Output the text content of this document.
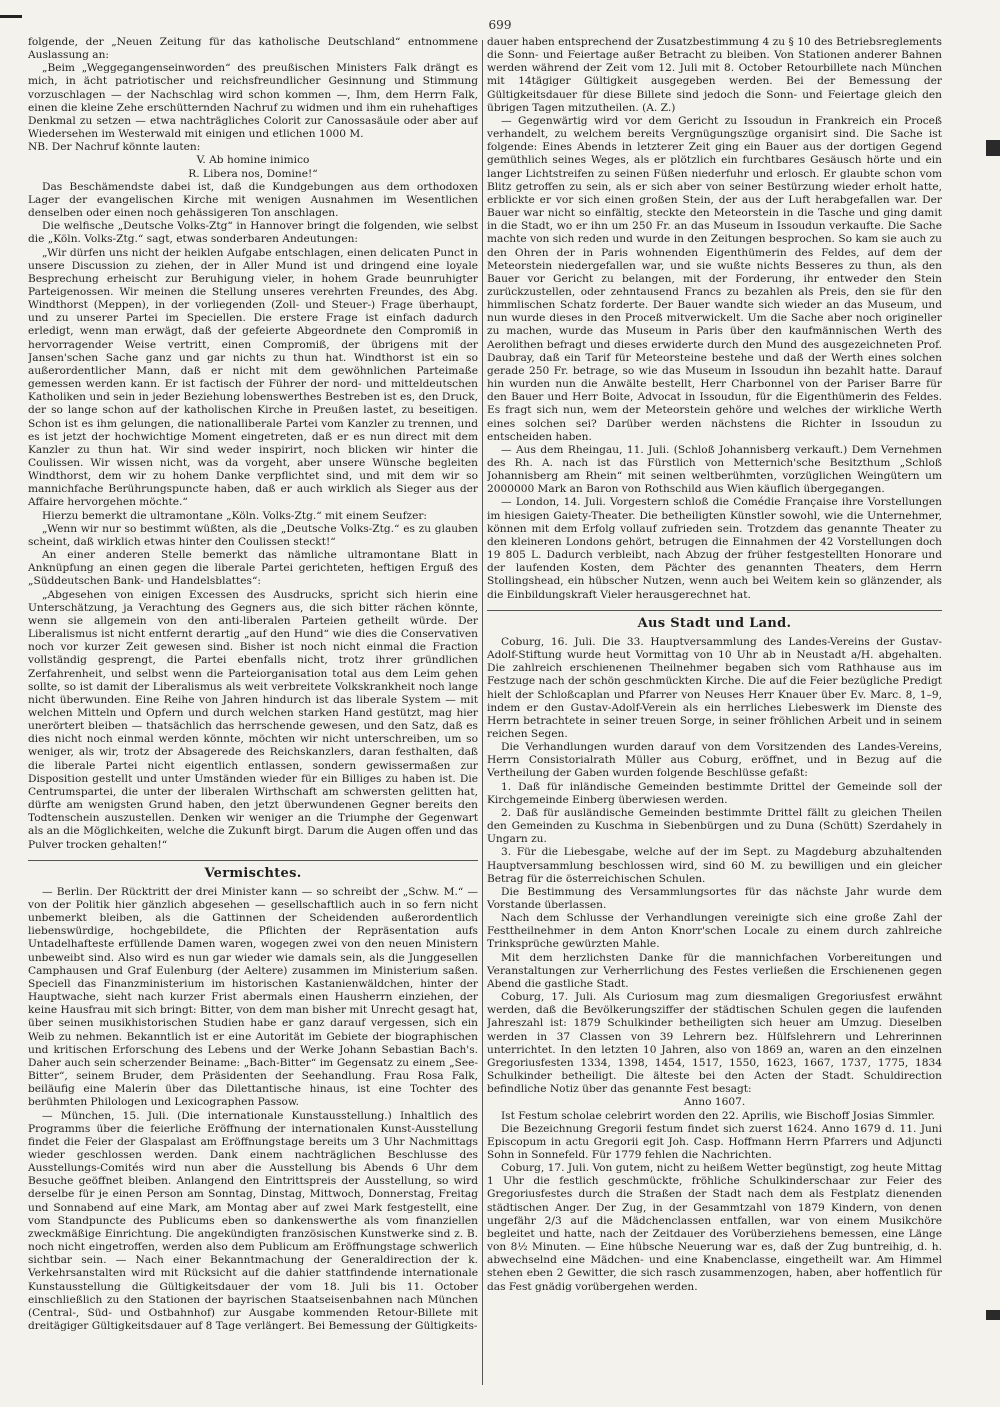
699

folgende, der „Neuen Zeitung für das katholische Deutschland“ entnommene Auslassung an:

„Beim „Weggegangenseinworden“ des preußischen Ministers Falk drängt es mich, in ächt patriotischer und reichsfreundlicher Gesinnung und Stimmung vorzuschlagen — der Nachschlag wird schon kommen —, Ihm, dem Herrn Falk, einen die kleine Zehe erschütternden Nachruf zu widmen und ihm ein ruhehaftiges Denkmal zu setzen — etwa nachträgliches Colorit zur Canossasäule oder aber auf Wiedersehen im Westerwald mit einigen und etlichen 1000 M.

NB. Der Nachruf könnte lauten:

V. Ab homine inimico

R. Libera nos, Domine!“

Das Beschämendste dabei ist, daß die Kundgebungen aus dem orthodoxen Lager der evangelischen Kirche mit wenigen Ausnahmen im Wesentlichen denselben oder einen noch gehässigeren Ton anschlagen.

Die welfische „Deutsche Volks-Ztg“ in Hannover bringt die folgenden, wie selbst die „Köln. Volks-Ztg.“ sagt, etwas sonderbaren Andeutungen:

„Wir dürfen uns nicht der heiklen Aufgabe entschlagen, einen delicaten Punct in unsere Discussion zu ziehen, der in Aller Mund ist und dringend eine loyale Besprechung erheischt zur Beruhigung vieler, in hohem Grade beunruhigter Parteigenossen. Wir meinen die Stellung unseres verehrten Freundes, des Abg. Windthorst (Meppen), in der vorliegenden (Zoll- und Steuer-) Frage überhaupt, und zu unserer Partei im Speciellen. Die erstere Frage ist einfach dadurch erledigt, wenn man erwägt, daß der gefeierte Abgeordnete den Compromiß in hervorragender Weise vertritt, einen Compromiß, der übrigens mit der Jansen'schen Sache ganz und gar nichts zu thun hat. Windthorst ist ein so außerordentlicher Mann, daß er nicht mit dem gewöhnlichen Parteimaße gemessen werden kann. Er ist factisch der Führer der nord- und mitteldeutschen Katholiken und sein in jeder Beziehung lobenswerthes Bestreben ist es, den Druck, der so lange schon auf der katholischen Kirche in Preußen lastet, zu beseitigen. Schon ist es ihm gelungen, die nationalliberale Partei vom Kanzler zu trennen, und es ist jetzt der hochwichtige Moment eingetreten, daß er es nun direct mit dem Kanzler zu thun hat. Wir sind weder inspirirt, noch blicken wir hinter die Coulissen. Wir wissen nicht, was da vorgeht, aber unsere Wünsche begleiten Windthorst, dem wir zu hohem Danke verpflichtet sind, und mit dem wir so mannichfache Berührungspuncte haben, daß er auch wirklich als Sieger aus der Affaire hervorgehen möchte.“

Hierzu bemerkt die ultramontane „Köln. Volks-Ztg.“ mit einem Seufzer:

„Wenn wir nur so bestimmt wüßten, als die „Deutsche Volks-Ztg.“ es zu glauben scheint, daß wirklich etwas hinter den Coulissen steckt!“

An einer anderen Stelle bemerkt das nämliche ultramontane Blatt in Anknüpfung an einen gegen die liberale Partei gerichteten, heftigen Erguß des „Süddeutschen Bank- und Handelsblattes“:

„Abgesehen von einigen Excessen des Ausdrucks, spricht sich hierin eine Unterschätzung, ja Verachtung des Gegners aus, die sich bitter rächen könnte, wenn sie allgemein von den anti-liberalen Parteien getheilt würde. Der Liberalismus ist nicht entfernt derartig „auf den Hund“ wie dies die Conservativen noch vor kurzer Zeit gewesen sind. Bisher ist noch nicht einmal die Fraction vollständig gesprengt, die Partei ebenfalls nicht, trotz ihrer gründlichen Zerfahrenheit, und selbst wenn die Parteiorganisation total aus dem Leim gehen sollte, so ist damit der Liberalismus als weit verbreitete Volkskrankheit noch lange nicht überwunden. Eine Reihe von Jahren hindurch ist das liberale System — mit welchen Mitteln und Opfern und durch welchen starken Hand gestützt, mag hier unerörtert bleiben — thatsächlich das herrschende gewesen, und den Satz, daß es dies nicht noch einmal werden könnte, möchten wir nicht unterschreiben, um so weniger, als wir, trotz der Absagerede des Reichskanzlers, daran festhalten, daß die liberale Partei nicht eigentlich entlassen, sondern gewissermaßen zur Disposition gestellt und unter Umständen wieder für ein Billiges zu haben ist. Die Centrumspartei, die unter der liberalen Wirthschaft am schwersten gelitten hat, dürfte am wenigsten Grund haben, den jetzt überwundenen Gegner bereits den Todtenschein auszustellen. Denken wir weniger an die Triumphe der Gegenwart als an die Möglichkeiten, welche die Zukunft birgt. Darum die Augen offen und das Pulver trocken gehalten!“

Vermischtes.

— Berlin. Der Rücktritt der drei Minister kann — so schreibt der „Schw. M.“ — von der Politik hier gänzlich abgesehen — gesellschaftlich auch in so fern nicht unbemerkt bleiben, als die Gattinnen der Scheidenden außerordentlich liebenswürdige, hochgebildete, die Pflichten der Repräsentation aufs Untadelhafteste erfüllende Damen waren, wogegen zwei von den neuen Ministern unbeweibt sind. Also wird es nun gar wieder wie damals sein, als die Junggesellen Camphausen und Graf Eulenburg (der Aeltere) zusammen im Ministerium saßen. Speciell das Finanzministerium im historischen Kastanienwäldchen, hinter der Hauptwache, sieht nach kurzer Frist abermals einen Hausherrn einziehen, der keine Hausfrau mit sich bringt: Bitter, von dem man bisher mit Unrecht gesagt hat, über seinen musikhistorischen Studien habe er ganz darauf vergessen, sich ein Weib zu nehmen. Bekanntlich ist er eine Autorität im Gebiete der biographischen und kritischen Erforschung des Lebens und der Werke Johann Sebastian Bach's. Daher auch sein scherzender Beiname: „Bach-Bitter“ im Gegensatz zu einem „See-Bitter“, seinem Bruder, dem Präsidenten der Seehandlung. Frau Rosa Falk, beiläufig eine Malerin über das Dilettantische hinaus, ist eine Tochter des berühmten Philologen und Lexicographen Passow.

— München, 15. Juli. (Die internationale Kunstausstellung.) Inhaltlich des Programms über die feierliche Eröffnung der internationalen Kunst-Ausstellung findet die Feier der Glaspalast am Eröffnungstage bereits um 3 Uhr Nachmittags wieder geschlossen werden. Dank einem nachträglichen Beschlusse des Ausstellungs-Comités wird nun aber die Ausstellung bis Abends 6 Uhr dem Besuche geöffnet bleiben. Anlangend den Eintrittspreis der Ausstellung, so wird derselbe für je einen Person am Sonntag, Dinstag, Mittwoch, Donnerstag, Freitag und Sonnabend auf eine Mark, am Montag aber auf zwei Mark festgestellt, eine vom Standpuncte des Publicums eben so dankenswerthe als vom finanziellen zweckmäßige Einrichtung. Die angekündigten französischen Kunstwerke sind z. B. noch nicht eingetroffen, werden also dem Publicum am Eröffnungstage schwerlich sichtbar sein. — Nach einer Bekanntmachung der Generaldirection der k. Verkehrsanstalten wird mit Rücksicht auf die dahier stattfindende internationale Kunstausstellung die Gültigkeitsdauer der vom 18. Juli bis 11. October einschließlich zu den Stationen der bayrischen Staatseisenbahnen nach München (Central-, Süd- und Ostbahnhof) zur Ausgabe kommenden Retour-Billete mit dreitägiger Gültigkeitsdauer auf 8 Tage verlängert. Bei Bemessung der Gültigkeits-

dauer haben entsprechend der Zusatzbestimmung 4 zu § 10 des Betriebsreglements die Sonn- und Feiertage außer Betracht zu bleiben. Von Stationen anderer Bahnen werden während der Zeit vom 12. Juli mit 8. October Retourbillete nach München mit 14tägiger Gültigkeit ausgegeben werden. Bei der Bemessung der Gültigkeitsdauer für diese Billete sind jedoch die Sonn- und Feiertage gleich den übrigen Tagen mitzutheilen. (A. Z.)

— Gegenwärtig wird vor dem Gericht zu Issoudun in Frankreich ein Proceß verhandelt, zu welchem bereits Vergnügungszüge organisirt sind. Die Sache ist folgende: Eines Abends in letzterer Zeit ging ein Bauer aus der dortigen Gegend gemüthlich seines Weges, als er plötzlich ein furchtbares Gesäusch hörte und ein langer Lichtstreifen zu seinen Füßen niederfuhr und erlosch. Er glaubte schon vom Blitz getroffen zu sein, als er sich aber von seiner Bestürzung wieder erholt hatte, erblickte er vor sich einen großen Stein, der aus der Luft herabgefallen war. Der Bauer war nicht so einfältig, steckte den Meteorstein in die Tasche und ging damit in die Stadt, wo er ihn um 250 Fr. an das Museum in Issoudun verkaufte. Die Sache machte von sich reden und wurde in den Zeitungen besprochen. So kam sie auch zu den Ohren der in Paris wohnenden Eigenthümerin des Feldes, auf dem der Meteorstein niedergefallen war, und sie wußte nichts Besseres zu thun, als den Bauer vor Gericht zu belangen, mit der Forderung, ihr entweder den Stein zurückzustellen, oder zehntausend Francs zu bezahlen als Preis, den sie für den himmlischen Schatz forderte. Der Bauer wandte sich wieder an das Museum, und nun wurde dieses in den Proceß mitverwickelt. Um die Sache aber noch origineller zu machen, wurde das Museum in Paris über den kaufmännischen Werth des Aerolithen befragt und dieses erwiderte durch den Mund des ausgezeichneten Prof. Daubray, daß ein Tarif für Meteorsteine bestehe und daß der Werth eines solchen gerade 250 Fr. betrage, so wie das Museum in Issoudun ihn bezahlt hatte. Darauf hin wurden nun die Anwälte bestellt, Herr Charbonnel von der Pariser Barre für den Bauer und Herr Boite, Advocat in Issoudun, für die Eigenthümerin des Feldes. Es fragt sich nun, wem der Meteorstein gehöre und welches der wirkliche Werth eines solchen sei? Darüber werden nächstens die Richter in Issoudun zu entscheiden haben.

— Aus dem Rheingau, 11. Juli. (Schloß Johannisberg verkauft.) Dem Vernehmen des Rh. A. nach ist das Fürstlich von Metternich'sche Besitzthum „Schloß Johannisberg am Rhein“ mit seinen weltberühmten, vorzüglichen Weingütern um 2000000 Mark an Baron von Rothschild aus Wien käuflich übergegangen.

— London, 14. Juli. Vorgestern schloß die Comédie Française ihre Vorstellungen im hiesigen Gaiety-Theater. Die betheiligten Künstler sowohl, wie die Unternehmer, können mit dem Erfolg vollauf zufrieden sein. Trotzdem das genannte Theater zu den kleineren Londons gehört, betrugen die Einnahmen der 42 Vorstellungen doch 19 805 L. Dadurch verbleibt, nach Abzug der früher festgestellten Honorare und der laufenden Kosten, dem Pächter des genannten Theaters, dem Herrn Stollingshead, ein hübscher Nutzen, wenn auch bei Weitem kein so glänzender, als die Einbildungskraft Vieler herausgerechnet hat.

Aus Stadt und Land.

Coburg, 16. Juli. Die 33. Hauptversammlung des Landes-Vereins der Gustav-Adolf-Stiftung wurde heut Vormittag von 10 Uhr ab in Neustadt a/H. abgehalten. Die zahlreich erschienenen Theilnehmer begaben sich vom Rathhause aus im Festzuge nach der schön geschmückten Kirche. Die auf die Feier bezügliche Predigt hielt der Schloßcaplan und Pfarrer von Neuses Herr Knauer über Ev. Marc. 8, 1–9, indem er den Gustav-Adolf-Verein als ein herrliches Liebeswerk im Dienste des Herrn betrachtete in seiner treuen Sorge, in seiner fröhlichen Arbeit und in seinem reichen Segen.

Die Verhandlungen wurden darauf von dem Vorsitzenden des Landes-Vereins, Herrn Consistorialrath Müller aus Coburg, eröffnet, und in Bezug auf die Vertheilung der Gaben wurden folgende Beschlüsse gefaßt:

1. Daß für inländische Gemeinden bestimmte Drittel der Gemeinde soll der Kirchgemeinde Einberg überwiesen werden.

2. Daß für ausländische Gemeinden bestimmte Drittel fällt zu gleichen Theilen den Gemeinden zu Kuschma in Siebenbürgen und zu Duna (Schütt) Szerdahely in Ungarn zu.

3. Für die Liebesgabe, welche auf der im Sept. zu Magdeburg abzuhaltenden Hauptversammlung beschlossen wird, sind 60 M. zu bewilligen und ein gleicher Betrag für die österreichischen Schulen.

Die Bestimmung des Versammlungsortes für das nächste Jahr wurde dem Vorstande überlassen.

Nach dem Schlusse der Verhandlungen vereinigte sich eine große Zahl der Festtheilnehmer in dem Anton Knorr'schen Locale zu einem durch zahlreiche Trinksprüche gewürzten Mahle.

Mit dem herzlichsten Danke für die mannichfachen Vorbereitungen und Veranstaltungen zur Verherrlichung des Festes verließen die Erschienenen gegen Abend die gastliche Stadt.

Coburg, 17. Juli. Als Curiosum mag zum diesmaligen Gregoriusfest erwähnt werden, daß die Bevölkerungsziffer der städtischen Schulen gegen die laufenden Jahreszahl ist: 1879 Schulkinder betheiligten sich heuer am Umzug. Dieselben werden in 37 Classen von 39 Lehrern bez. Hülfslehrern und Lehrerinnen unterrichtet. In den letzten 10 Jahren, also von 1869 an, waren an den einzelnen Gregoriusfesten 1334, 1398, 1454, 1517, 1550, 1623, 1667, 1737, 1775, 1834 Schulkinder betheiligt. Die älteste bei den Acten der Stadt. Schuldirection befindliche Notiz über das genannte Fest besagt:

Anno 1607.

Ist Festum scholae celebrirt worden den 22. Aprilis, wie Bischoff Josias Simmler.

Die Bezeichnung Gregorii festum findet sich zuerst 1624. Anno 1679 d. 11. Juni Episcopum in actu Gregorii egit Joh. Casp. Hoffmann Herrn Pfarrers und Adjuncti Sohn in Sonnefeld. Für 1779 fehlen die Nachrichten.

Coburg, 17. Juli. Von gutem, nicht zu heißem Wetter begünstigt, zog heute Mittag 1 Uhr die festlich geschmückte, fröhliche Schulkinderschaar zur Feier des Gregoriusfestes durch die Straßen der Stadt nach dem als Festplatz dienenden städtischen Anger. Der Zug, in der Gesammtzahl von 1879 Kindern, von denen ungefähr 2/3 auf die Mädchenclassen entfallen, war von einem Musikchöre begleitet und hatte, nach der Zeitdauer des Vorüberziehens bemessen, eine Länge von 8½ Minuten. — Eine hübsche Neuerung war es, daß der Zug buntreihig, d. h. abwechselnd eine Mädchen- und eine Knabenclasse, eingetheilt war. Am Himmel stehen eben 2 Gewitter, die sich rasch zusammenzogen, haben, aber hoffentlich für das Fest gnädig vorübergehen werden.
